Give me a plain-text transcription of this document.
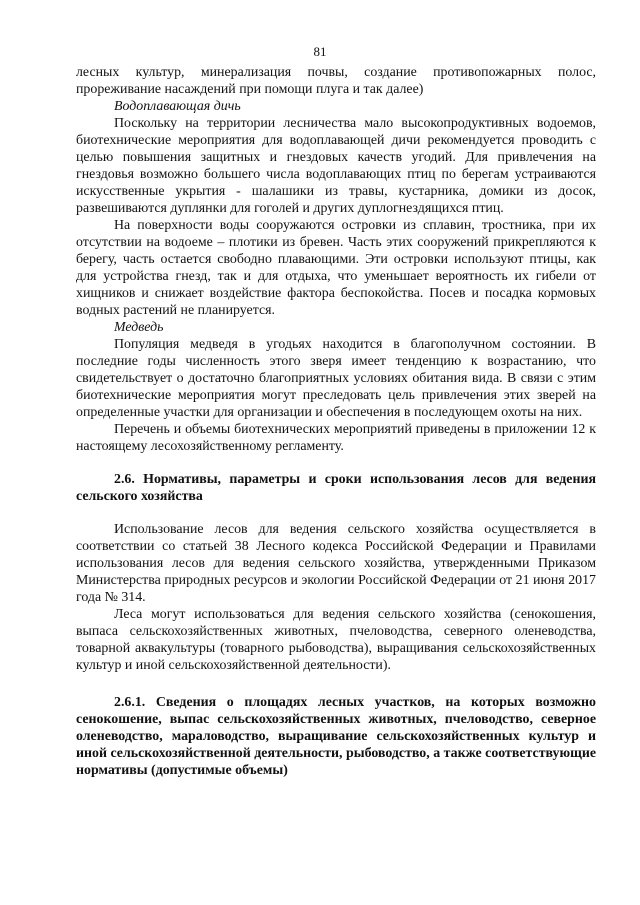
81

лесных культур, минерализация почвы, создание противопожарных полос, прореживание насаждений при помощи плуга и так далее)

Водоплавающая дичь

Поскольку на территории лесничества мало высокопродуктивных водоемов, биотехнические мероприятия для водоплавающей дичи рекомендуется проводить с целью повышения защитных и гнездовых качеств угодий. Для привлечения на гнездовья возможно большего числа водоплавающих птиц по берегам устраиваются искусственные укрытия - шалашики из травы, кустарника, домики из досок, развешиваются дуплянки для гоголей и других дуплогнездящихся птиц.

На поверхности воды сооружаются островки из сплавин, тростника, при их отсутствии на водоеме – плотики из бревен. Часть этих сооружений прикрепляются к берегу, часть остается свободно плавающими. Эти островки используют птицы, как для устройства гнезд, так и для отдыха, что уменьшает вероятность их гибели от хищников и снижает воздействие фактора беспокойства. Посев и посадка кормовых водных растений не планируется.

Медведь

Популяция медведя в угодьях находится в благополучном состоянии. В последние годы численность этого зверя имеет тенденцию к возрастанию, что свидетельствует о достаточно благоприятных условиях обитания вида. В связи с этим биотехнические мероприятия могут преследовать цель привлечения этих зверей на определенные участки для организации и обеспечения в последующем охоты на них.

Перечень и объемы биотехнических мероприятий приведены в приложении 12 к настоящему лесохозяйственному регламенту.

2.6. Нормативы, параметры и сроки использования лесов для ведения сельского хозяйства

Использование лесов для ведения сельского хозяйства осуществляется в соответствии со статьей 38 Лесного кодекса Российской Федерации и Правилами использования лесов для ведения сельского хозяйства, утвержденными Приказом Министерства природных ресурсов и экологии Российской Федерации от 21 июня 2017 года № 314.

Леса могут использоваться для ведения сельского хозяйства (сенокошения, выпаса сельскохозяйственных животных, пчеловодства, северного оленеводства, товарной аквакультуры (товарного рыбоводства), выращивания сельскохозяйственных культур и иной сельскохозяйственной деятельности).

2.6.1. Сведения о площадях лесных участков, на которых возможно сенокошение, выпас сельскохозяйственных животных, пчеловодство, северное оленеводство, мараловодство, выращивание сельскохозяйственных культур и иной сельскохозяйственной деятельности, рыбоводство, а также соответствующие нормативы (допустимые объемы)
